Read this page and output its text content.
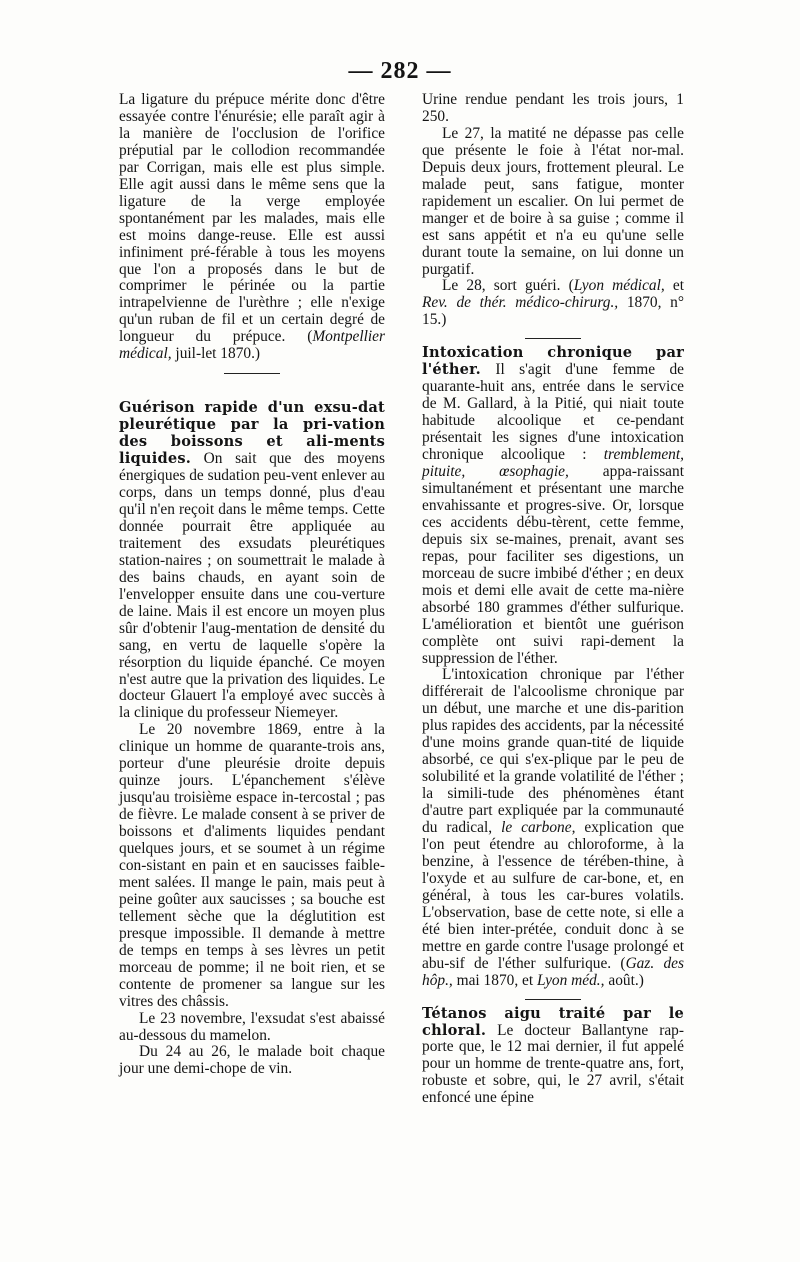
— 282 —

La ligature du prépuce mérite donc d'être essayée contre l'énurésie; elle paraît agir à la manière de l'occlusion de l'orifice préputial par le collodion recommandée par Corrigan, mais elle est plus simple. Elle agit aussi dans le même sens que la ligature de la verge employée spontanément par les malades, mais elle est moins dange-reuse. Elle est aussi infiniment pré-férable à tous les moyens que l'on a proposés dans le but de comprimer le périnée ou la partie intrapelvienne de l'urèthre ; elle n'exige qu'un ruban de fil et un certain degré de longueur du prépuce. (Montpellier médical, juil-let 1870.)

Guérison rapide d'un exsu-dat pleurétique par la pri-vation des boissons et ali-ments liquides. On sait que des moyens énergiques de sudation peu-vent enlever au corps, dans un temps donné, plus d'eau qu'il n'en reçoit dans le même temps. Cette donnée pourrait être appliquée au traitement des exsudats pleurétiques station-naires ; on soumettrait le malade à des bains chauds, en ayant soin de l'envelopper ensuite dans une cou-verture de laine. Mais il est encore un moyen plus sûr d'obtenir l'aug-mentation de densité du sang, en vertu de laquelle s'opère la résorption du liquide épanché. Ce moyen n'est autre que la privation des liquides. Le docteur Glauert l'a employé avec succès à la clinique du professeur Niemeyer.

Le 20 novembre 1869, entre à la clinique un homme de quarante-trois ans, porteur d'une pleurésie droite depuis quinze jours. L'épanchement s'élève jusqu'au troisième espace in-tercostal ; pas de fièvre. Le malade consent à se priver de boissons et d'aliments liquides pendant quelques jours, et se soumet à un régime con-sistant en pain et en saucisses faible-ment salées. Il mange le pain, mais peut à peine goûter aux saucisses ; sa bouche est tellement sèche que la déglutition est presque impossible. Il demande à mettre de temps en temps à ses lèvres un petit morceau de pomme; il ne boit rien, et se contente de promener sa langue sur les vitres des châssis.

Le 23 novembre, l'exsudat s'est abaissé au-dessous du mamelon.

Du 24 au 26, le malade boit chaque jour une demi-chope de vin.

Urine rendue pendant les trois jours, 1 250.

Le 27, la matité ne dépasse pas celle que présente le foie à l'état nor-mal. Depuis deux jours, frottement pleural. Le malade peut, sans fatigue, monter rapidement un escalier. On lui permet de manger et de boire à sa guise ; comme il est sans appétit et n'a eu qu'une selle durant toute la semaine, on lui donne un purgatif.

Le 28, sort guéri. (Lyon médical, et Rev. de thér. médico-chirurg., 1870, n° 15.)

Intoxication chronique par l'éther. Il s'agit d'une femme de quarante-huit ans, entrée dans le service de M. Gallard, à la Pitié, qui niait toute habitude alcoolique et ce-pendant présentait les signes d'une intoxication chronique alcoolique : tremblement, pituite, œsophagie, appa-raissant simultanément et présentant une marche envahissante et progres-sive. Or, lorsque ces accidents débu-tèrent, cette femme, depuis six se-maines, prenait, avant ses repas, pour faciliter ses digestions, un morceau de sucre imbibé d'éther ; en deux mois et demi elle avait de cette ma-nière absorbé 180 grammes d'éther sulfurique. L'amélioration et bientôt une guérison complète ont suivi rapi-dement la suppression de l'éther.

L'intoxication chronique par l'éther différerait de l'alcoolisme chronique par un début, une marche et une dis-parition plus rapides des accidents, par la nécessité d'une moins grande quan-tité de liquide absorbé, ce qui s'ex-plique par le peu de solubilité et la grande volatilité de l'éther ; la simili-tude des phénomènes étant d'autre part expliquée par la communauté du radical, le carbone, explication que l'on peut étendre au chloroforme, à la benzine, à l'essence de térében-thine, à l'oxyde et au sulfure de car-bone, et, en général, à tous les car-bures volatils. L'observation, base de cette note, si elle a été bien inter-prétée, conduit donc à se mettre en garde contre l'usage prolongé et abu-sif de l'éther sulfurique. (Gaz. des hôp., mai 1870, et Lyon méd., août.)

Tétanos aigu traité par le chloral. Le docteur Ballantyne rap-porte que, le 12 mai dernier, il fut appelé pour un homme de trente-quatre ans, fort, robuste et sobre, qui, le 27 avril, s'était enfoncé une épine
